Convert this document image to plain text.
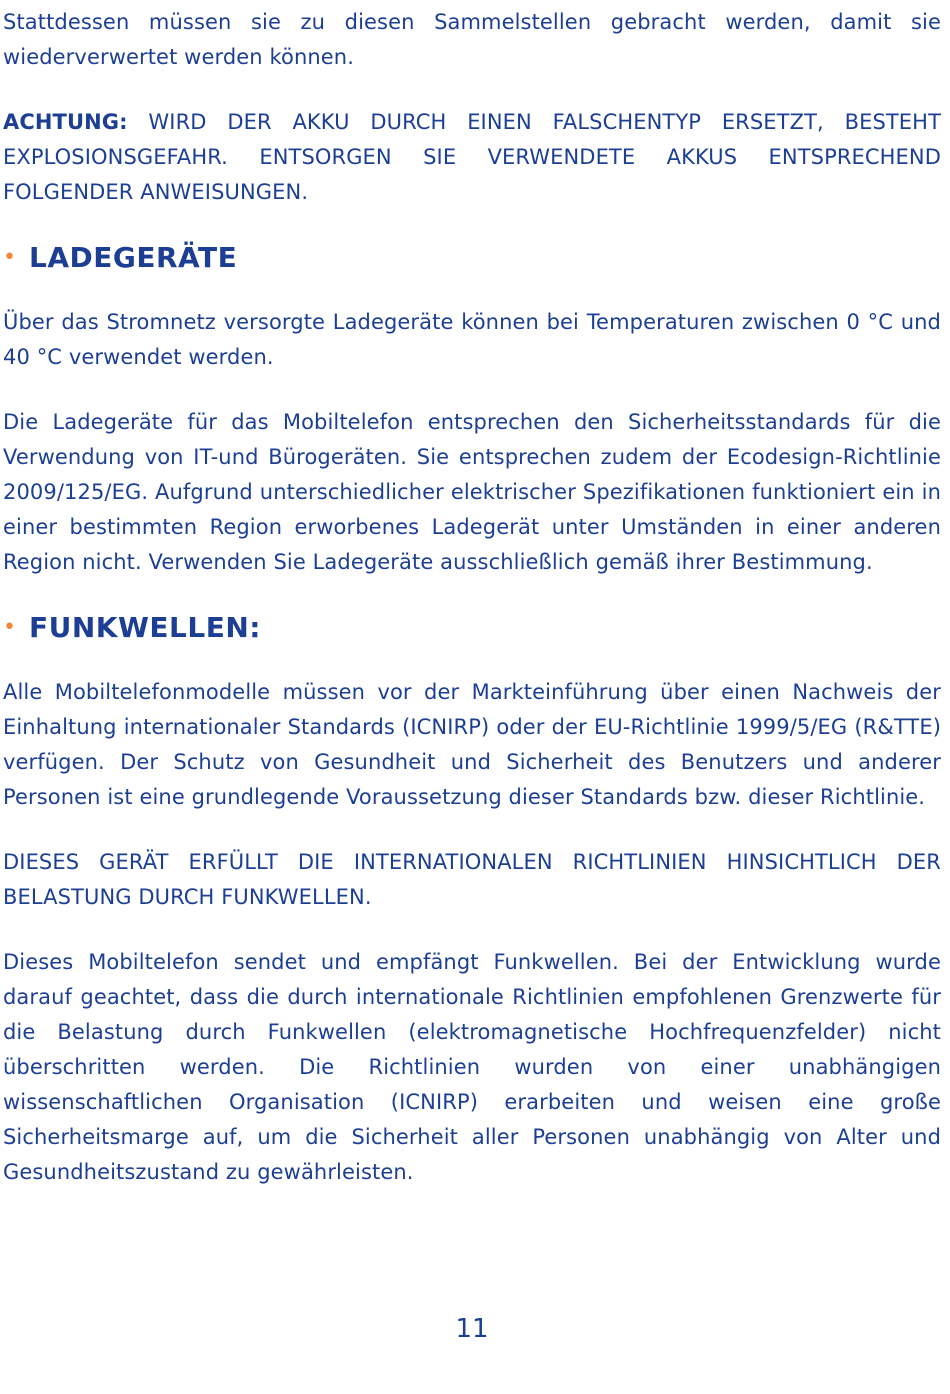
Stattdessen müssen sie zu diesen Sammelstellen gebracht werden, damit sie wiederverwertet werden können.

ACHTUNG: WIRD DER AKKU DURCH EINEN FALSCHENTYP ERSETZT, BESTEHT EXPLOSIONSGEFAHR. ENTSORGEN SIE VERWENDETE AKKUS ENTSPRECHEND FOLGENDER ANWEISUNGEN.

• LADEGERÄTE

Über das Stromnetz versorgte Ladegeräte können bei Temperaturen zwischen 0 °C und 40 °C verwendet werden.

Die Ladegeräte für das Mobiltelefon entsprechen den Sicherheitsstandards für die Verwendung von IT-und Bürogeräten. Sie entsprechen zudem der Ecodesign-Richtlinie 2009/125/EG. Aufgrund unterschiedlicher elektrischer Spezifikationen funktioniert ein in einer bestimmten Region erworbenes Ladegerät unter Umständen in einer anderen Region nicht. Verwenden Sie Ladegeräte ausschließlich gemäß ihrer Bestimmung.

• FUNKWELLEN:

Alle Mobiltelefonmodelle müssen vor der Markteinführung über einen Nachweis der Einhaltung internationaler Standards (ICNIRP) oder der EU-Richtlinie 1999/5/EG (R&TTE) verfügen. Der Schutz von Gesundheit und Sicherheit des Benutzers und anderer Personen ist eine grundlegende Voraussetzung dieser Standards bzw. dieser Richtlinie.

DIESES GERÄT ERFÜLLT DIE INTERNATIONALEN RICHTLINIEN HINSICHTLICH DER BELASTUNG DURCH FUNKWELLEN.

Dieses Mobiltelefon sendet und empfängt Funkwellen. Bei der Entwicklung wurde darauf geachtet, dass die durch internationale Richtlinien empfohlenen Grenzwerte für die Belastung durch Funkwellen (elektromagnetische Hochfrequenzfelder) nicht überschritten werden. Die Richtlinien wurden von einer unabhängigen wissenschaftlichen Organisation (ICNIRP) erarbeiten und weisen eine große Sicherheitsmarge auf, um die Sicherheit aller Personen unabhängig von Alter und Gesundheitszustand zu gewährleisten.

11
